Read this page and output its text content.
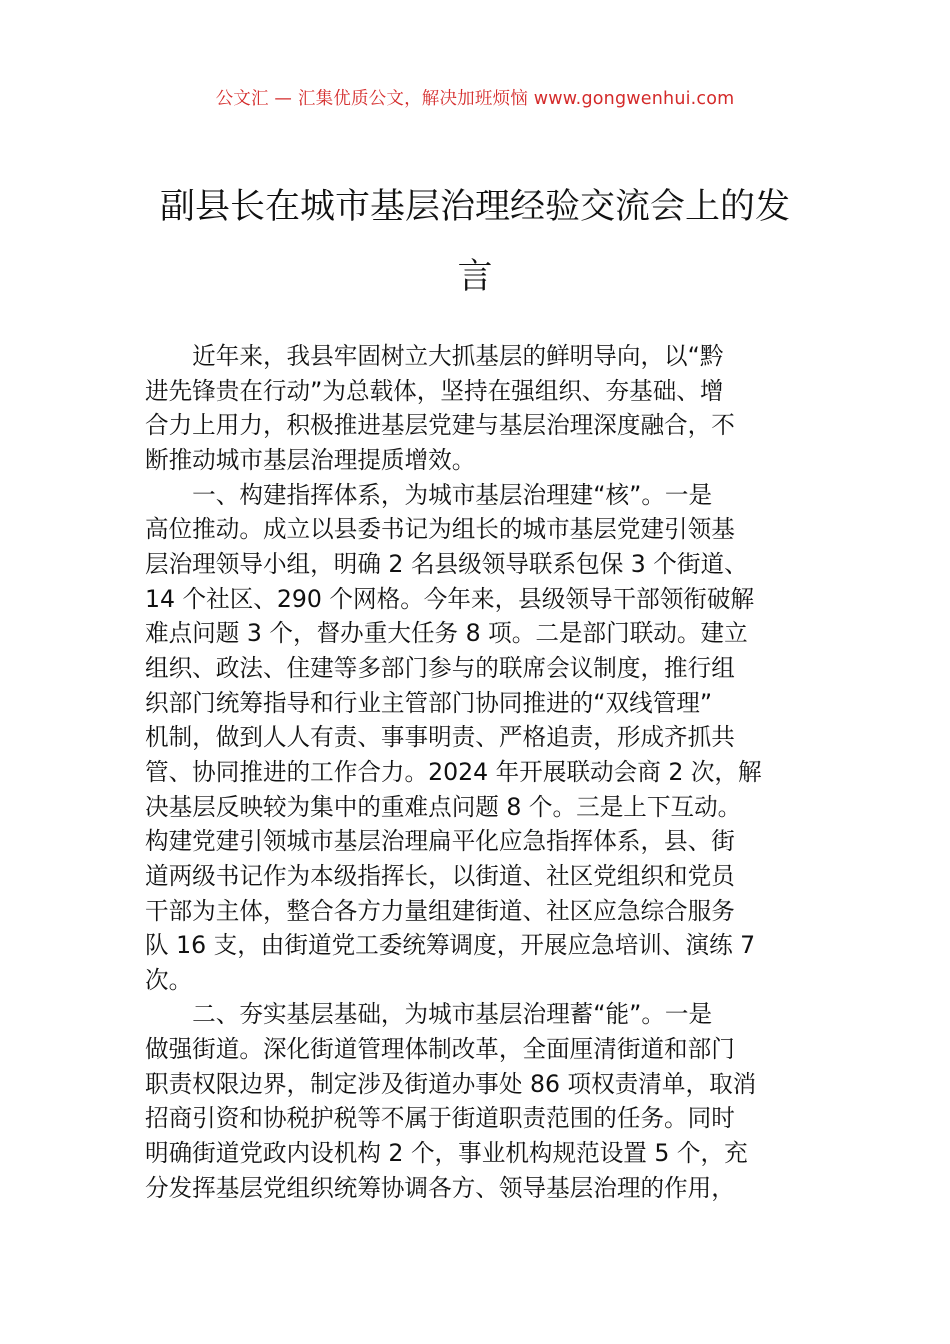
公文汇 — 汇集优质公文，解决加班烦恼 www.gongwenhui.com
副县长在城市基层治理经验交流会上的发
言
　　近年来，我县牢固树立大抓基层的鲜明导向，以“黔
进先锋贵在行动”为总载体，坚持在强组织、夯基础、增
合力上用力，积极推进基层党建与基层治理深度融合，不
断推动城市基层治理提质增效。
　　一、构建指挥体系，为城市基层治理建“核”。一是
高位推动。成立以县委书记为组长的城市基层党建引领基
层治理领导小组，明确 2 名县级领导联系包保 3 个街道、
14 个社区、290 个网格。今年来，县级领导干部领衔破解
难点问题 3 个，督办重大任务 8 项。二是部门联动。建立
组织、政法、住建等多部门参与的联席会议制度，推行组
织部门统筹指导和行业主管部门协同推进的“双线管理”
机制，做到人人有责、事事明责、严格追责，形成齐抓共
管、协同推进的工作合力。2024 年开展联动会商 2 次，解
决基层反映较为集中的重难点问题 8 个。三是上下互动。
构建党建引领城市基层治理扁平化应急指挥体系，县、街
道两级书记作为本级指挥长，以街道、社区党组织和党员
干部为主体，整合各方力量组建街道、社区应急综合服务
队 16 支，由街道党工委统筹调度，开展应急培训、演练 7
次。
　　二、夯实基层基础，为城市基层治理蓄“能”。一是
做强街道。深化街道管理体制改革，全面厘清街道和部门
职责权限边界，制定涉及街道办事处 86 项权责清单，取消
招商引资和协税护税等不属于街道职责范围的任务。同时
明确街道党政内设机构 2 个，事业机构规范设置 5 个，充
分发挥基层党组织统筹协调各方、领导基层治理的作用，
